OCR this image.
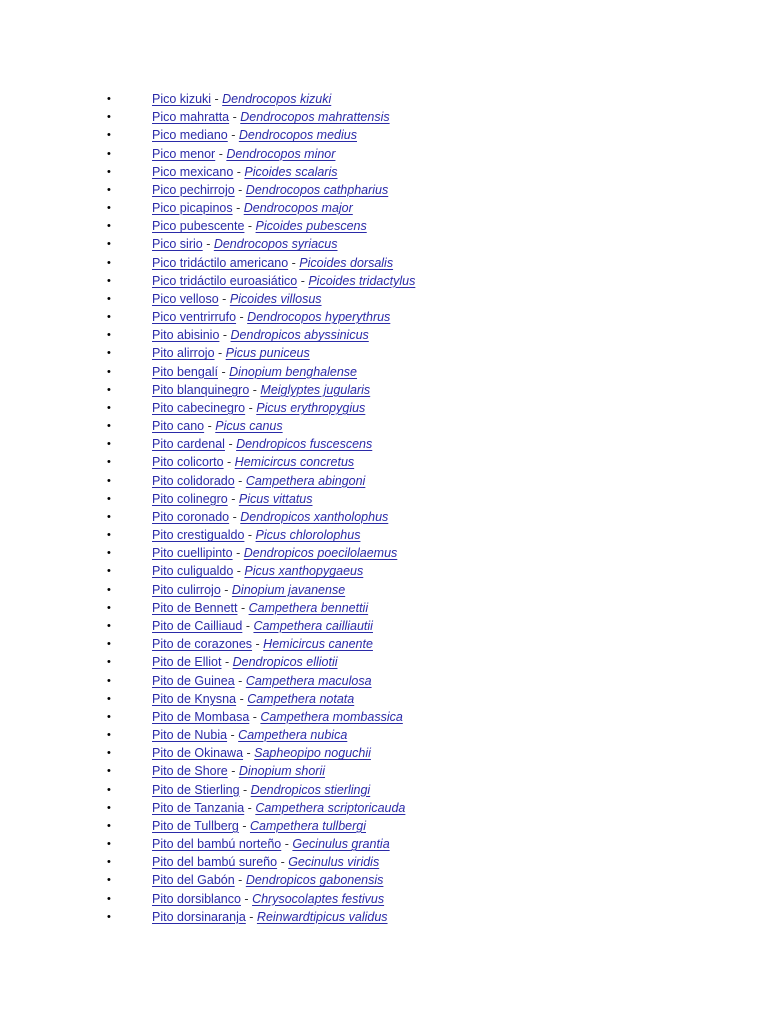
•	Pico kizuki - Dendrocopos kizuki
•	Pico mahratta - Dendrocopos mahrattensis
•	Pico mediano - Dendrocopos medius
•	Pico menor - Dendrocopos minor
•	Pico mexicano - Picoides scalaris
•	Pico pechirrojo - Dendrocopos cathpharius
•	Pico picapinos - Dendrocopos major
•	Pico pubescente - Picoides pubescens
•	Pico sirio - Dendrocopos syriacus
•	Pico tridáctilo americano - Picoides dorsalis
•	Pico tridáctilo euroasiático - Picoides tridactylus
•	Pico velloso - Picoides villosus
•	Pico ventrirrufo - Dendrocopos hyperythrus
•	Pito abisinio - Dendropicos abyssinicus
•	Pito alirrojo - Picus puniceus
•	Pito bengalí - Dinopium benghalense
•	Pito blanquinegro - Meiglyptes jugularis
•	Pito cabecinegro - Picus erythropygius
•	Pito cano - Picus canus
•	Pito cardenal - Dendropicos fuscescens
•	Pito colicorto - Hemicircus concretus
•	Pito colidorado - Campethera abingoni
•	Pito colinegro - Picus vittatus
•	Pito coronado - Dendropicos xantholophus
•	Pito crestigualdo - Picus chlorolophus
•	Pito cuellipinto - Dendropicos poecilolaemus
•	Pito culigualdo - Picus xanthopygaeus
•	Pito culirrojo - Dinopium javanense
•	Pito de Bennett - Campethera bennettii
•	Pito de Cailliaud - Campethera cailliautii
•	Pito de corazones - Hemicircus canente
•	Pito de Elliot - Dendropicos elliotii
•	Pito de Guinea - Campethera maculosa
•	Pito de Knysna - Campethera notata
•	Pito de Mombasa - Campethera mombassica
•	Pito de Nubia - Campethera nubica
•	Pito de Okinawa - Sapheopipo noguchii
•	Pito de Shore - Dinopium shorii
•	Pito de Stierling - Dendropicos stierlingi
•	Pito de Tanzania - Campethera scriptoricauda
•	Pito de Tullberg - Campethera tullbergi
•	Pito del bambú norteño - Gecinulus grantia
•	Pito del bambú sureño - Gecinulus viridis
•	Pito del Gabón - Dendropicos gabonensis
•	Pito dorsiblanco - Chrysocolaptes festivus
•	Pito dorsinaranja - Reinwardtipicus validus
